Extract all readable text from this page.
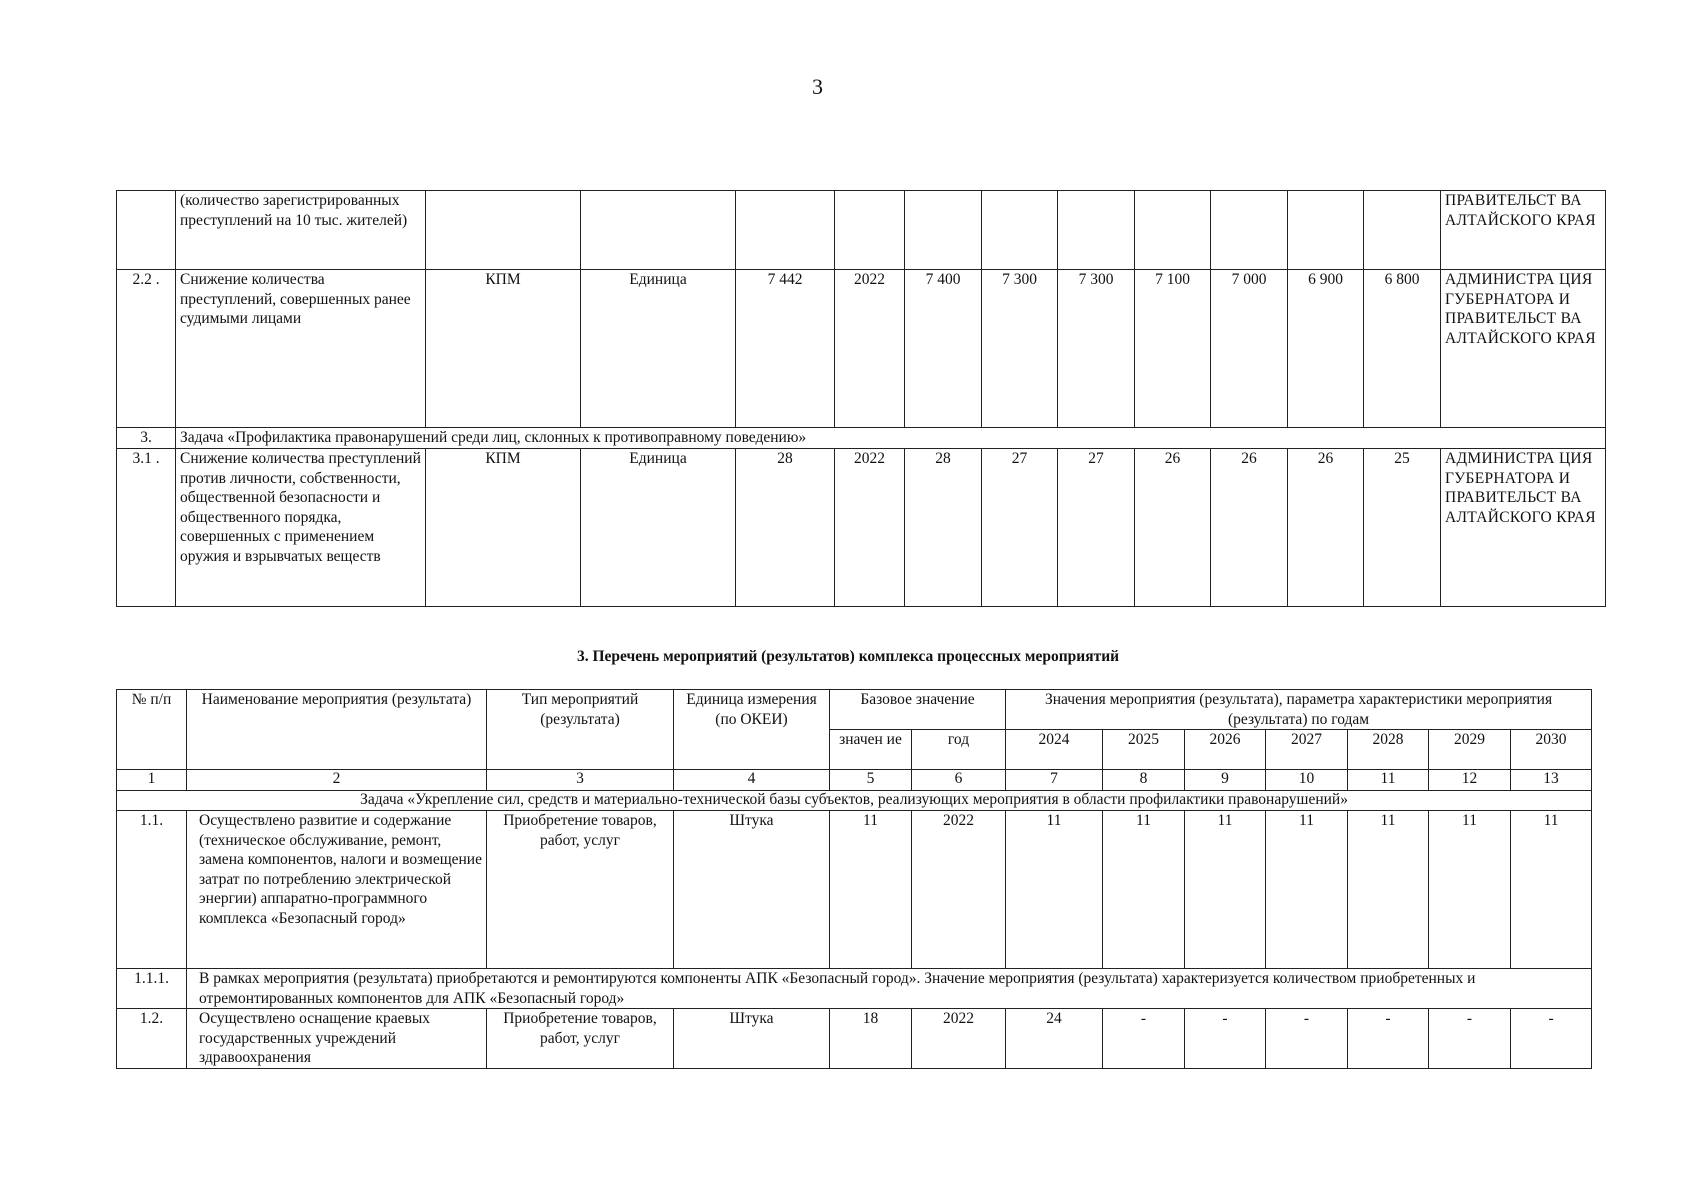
3
	(количество зарегистрированных преступлений на 10 тыс. жителей)												ПРАВИТЕЛЬСТ ВА АЛТАЙСКОГО КРАЯ
2.2 .	Снижение количества преступлений, совершенных ранее судимыми лицами	КПМ	Единица	7 442	2022	7 400	7 300	7 300	7 100	7 000	6 900	6 800	АДМИНИСТРА ЦИЯ ГУБЕРНАТОРА И ПРАВИТЕЛЬСТ ВА АЛТАЙСКОГО КРАЯ
3.	Задача «Профилактика правонарушений среди лиц, склонных к противоправному поведению»												
3.1 .	Снижение количества преступлений против личности, собственности, общественной безопасности и общественного порядка, совершенных с применением оружия и взрывчатых веществ	КПМ	Единица	28	2022	28	27	27	26	26	26	25	АДМИНИСТРА ЦИЯ ГУБЕРНАТОРА И ПРАВИТЕЛЬСТ ВА АЛТАЙСКОГО КРАЯ
3. Перечень мероприятий (результатов) комплекса процессных мероприятий
№ п/п	Наименование мероприятия (результата)	Тип мероприятий (результата)	Единица измерения (по ОКЕИ)	Базовое значение		Значения мероприятия (результата), параметра характеристики мероприятия (результата) по годам						
				значен ие	год	2024	2025	2026	2027	2028	2029	2030
1	2	3	4	5	6	7	8	9	10	11	12	13
Задача «Укрепление сил, средств и материально-технической базы субъектов, реализующих мероприятия в области профилактики правонарушений»												
1.1.	Осуществлено развитие и содержание (техническое обслуживание, ремонт, замена компонентов, налоги и возмещение затрат по потреблению электрической энергии) аппаратно-программного комплекса «Безопасный город»	Приобретение товаров, работ, услуг	Штука	11	2022	11	11	11	11	11	11	11
1.1.1.	В рамках мероприятия (результата) приобретаются и ремонтируются компоненты АПК «Безопасный город». Значение мероприятия (результата) характеризуется количеством приобретенных и отремонтированных компонентов для АПК «Безопасный город»											
1.2.	Осуществлено оснащение краевых государственных учреждений здравоохранения	Приобретение товаров, работ, услуг	Штука	18	2022	24	-	-	-	-	-	-
